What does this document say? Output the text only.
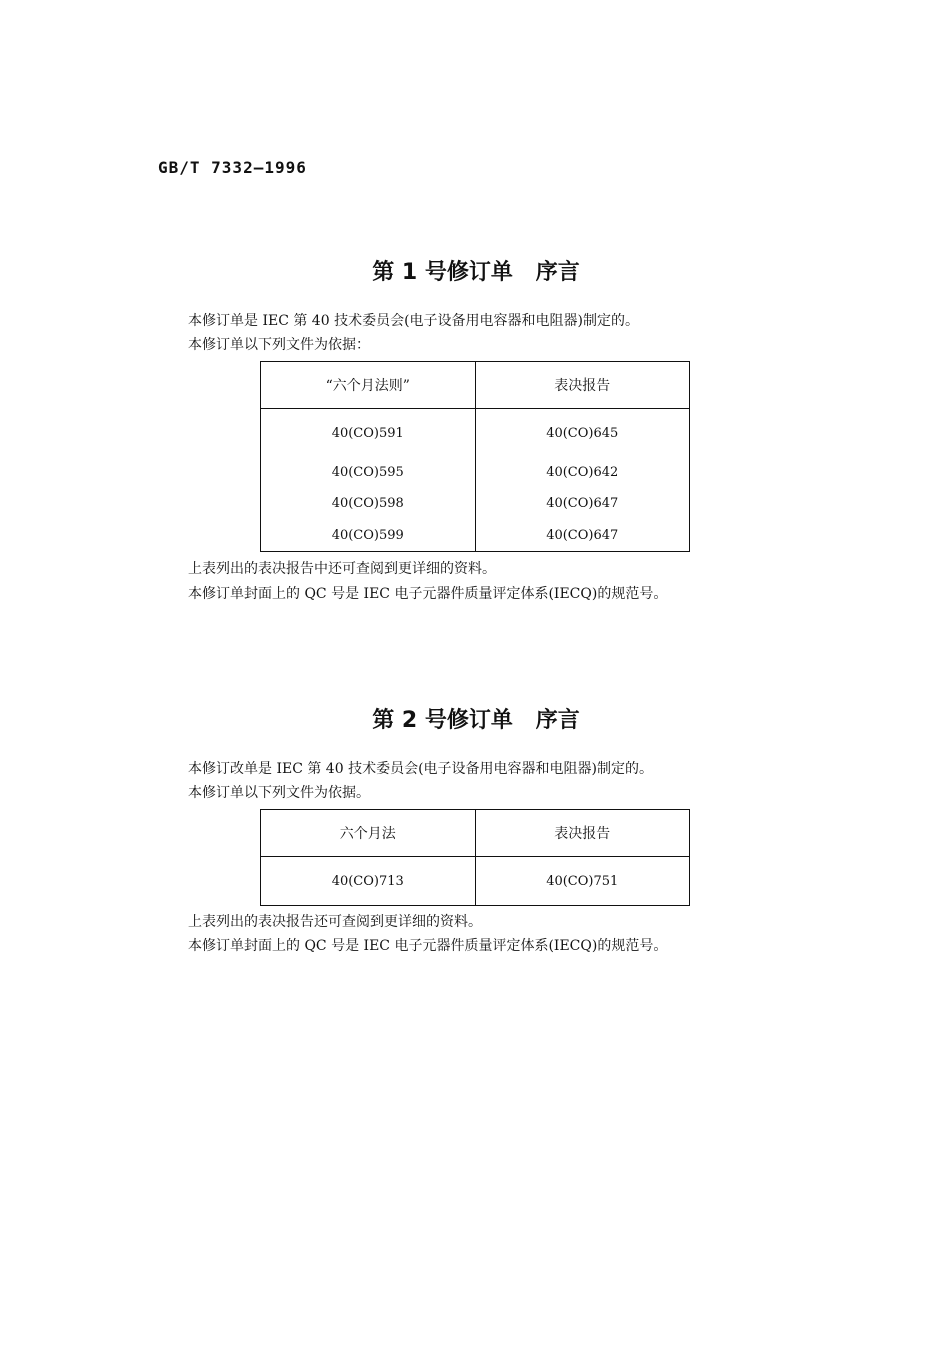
GB/T 7332—1996
第 1 号修订单   序言
本修订单是 IEC 第 40 技术委员会(电子设备用电容器和电阻器)制定的。
本修订单以下列文件为依据：
“六个月法则”	表决报告
40(CO)591	40(CO)645
40(CO)595	40(CO)642
40(CO)598	40(CO)647
40(CO)599	40(CO)647
上表列出的表决报告中还可查阅到更详细的资料。
本修订单封面上的 QC 号是 IEC 电子元器件质量评定体系(IECQ)的规范号。
第 2 号修订单   序言
本修订改单是 IEC 第 40 技术委员会(电子设备用电容器和电阻器)制定的。
本修订单以下列文件为依据。
六个月法	表决报告
40(CO)713	40(CO)751
上表列出的表决报告还可查阅到更详细的资料。
本修订单封面上的 QC 号是 IEC 电子元器件质量评定体系(IECQ)的规范号。
